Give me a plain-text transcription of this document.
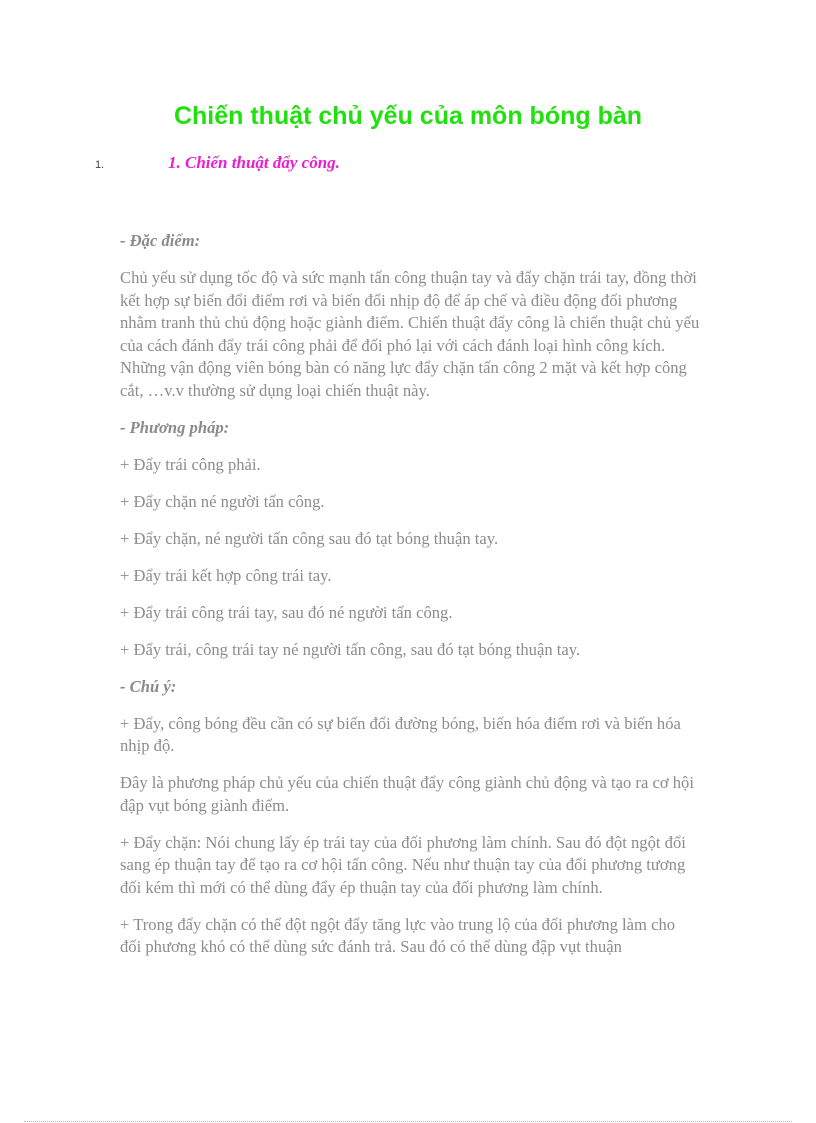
Chiến thuật chủ yếu của môn bóng bàn
1.	1. Chiến thuật đẩy công.

- Đặc điểm:

Chủ yếu sử dụng tốc độ và sức mạnh tấn công thuận tay và đẩy chặn trái tay, đồng thời kết hợp sự biến đổi điểm rơi và biến đổi nhịp độ để áp chế và điều động đối phương nhằm tranh thủ chủ động hoặc giành điểm. Chiến thuật đẩy công là chiến thuật chủ yếu của cách đánh đẩy trái công phải để đối phó lại với cách đánh loại hình công kích. Những vận động viên bóng bàn có năng lực đẩy chặn tấn công 2 mặt và kết hợp công cắt, …v.v thường sử dụng loại chiến thuật này.

- Phương pháp:

+ Đẩy trái công phải.

+ Đẩy chặn né người tấn công.

+ Đẩy chặn, né người tấn công sau đó tạt bóng thuận tay.

+ Đẩy trái kết hợp công trái tay.

+ Đẩy trái công trái tay, sau đó né người tấn công.

+ Đẩy trái, công trái tay né người tấn công, sau đó tạt bóng thuận tay.

- Chú ý:

+ Đẩy, công bóng đều cần có sự biến đổi đường bóng, biến hóa điểm rơi và biến hóa nhịp độ.

Đây là phương pháp chủ yếu của chiến thuật đẩy công giành chủ động và tạo ra cơ hội đập vụt bóng giành điểm.

+ Đẩy chặn: Nói chung lấy ép trái tay của đối phương làm chính. Sau đó đột ngột đổi sang ép thuận tay để tạo ra cơ hội tấn công. Nếu như thuận tay của đối phương tương đối kém thì mới có thể dùng đẩy ép thuận tay của đối phương làm chính.

+ Trong đẩy chặn có thể đột ngột đẩy tăng lực vào trung lộ của đối phương làm cho đối phương khó có thể dùng sức đánh trả. Sau đó có thể dùng đập vụt thuận
